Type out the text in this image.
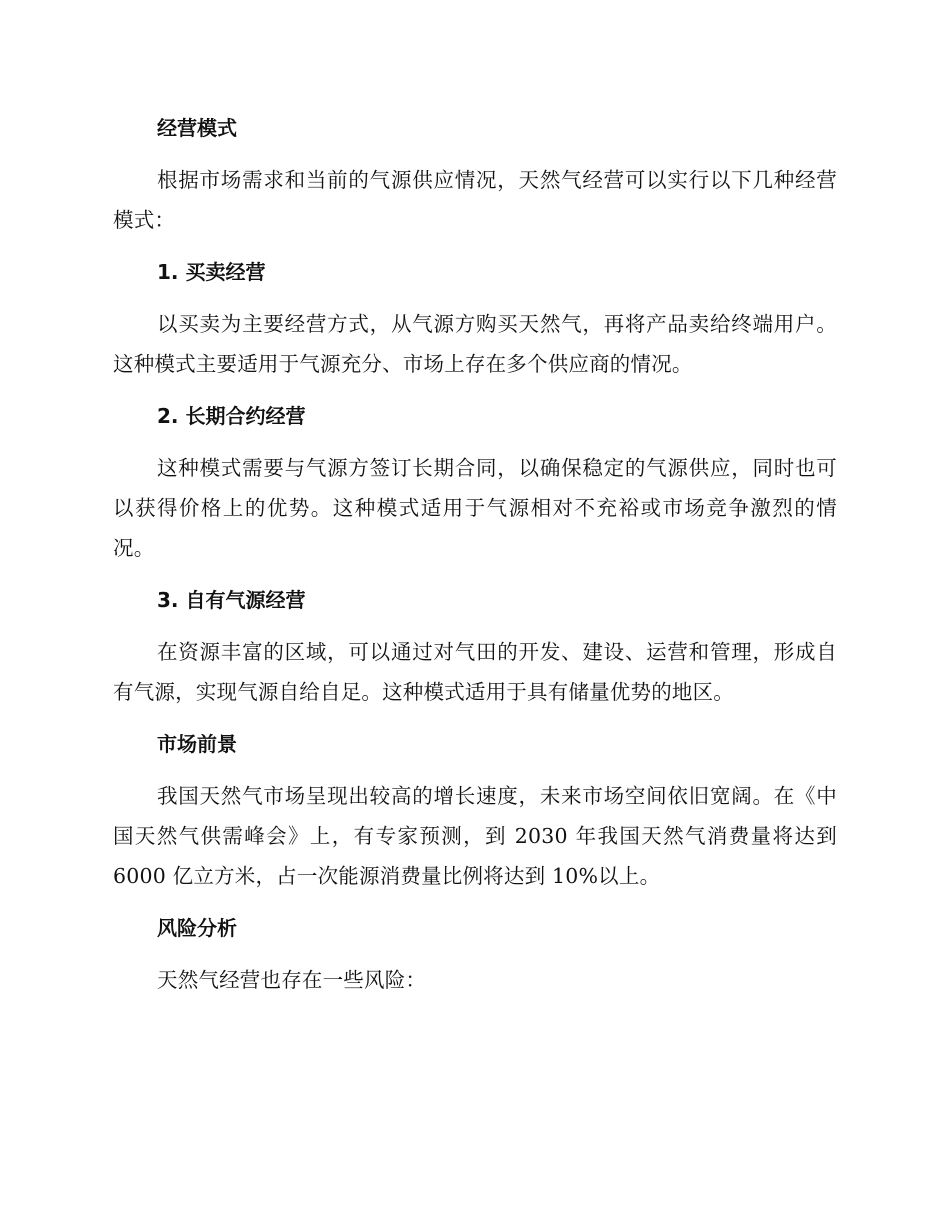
经营模式

根据市场需求和当前的气源供应情况，天然气经营可以实行以下几种经营模式：

1. 买卖经营

以买卖为主要经营方式，从气源方购买天然气，再将产品卖给终端用户。这种模式主要适用于气源充分、市场上存在多个供应商的情况。

2. 长期合约经营

这种模式需要与气源方签订长期合同，以确保稳定的气源供应，同时也可以获得价格上的优势。这种模式适用于气源相对不充裕或市场竞争激烈的情况。

3. 自有气源经营

在资源丰富的区域，可以通过对气田的开发、建设、运营和管理，形成自有气源，实现气源自给自足。这种模式适用于具有储量优势的地区。

市场前景

我国天然气市场呈现出较高的增长速度，未来市场空间依旧宽阔。在《中国天然气供需峰会》上，有专家预测，到 2030 年我国天然气消费量将达到 6000 亿立方米，占一次能源消费量比例将达到 10%以上。

风险分析

天然气经营也存在一些风险：
